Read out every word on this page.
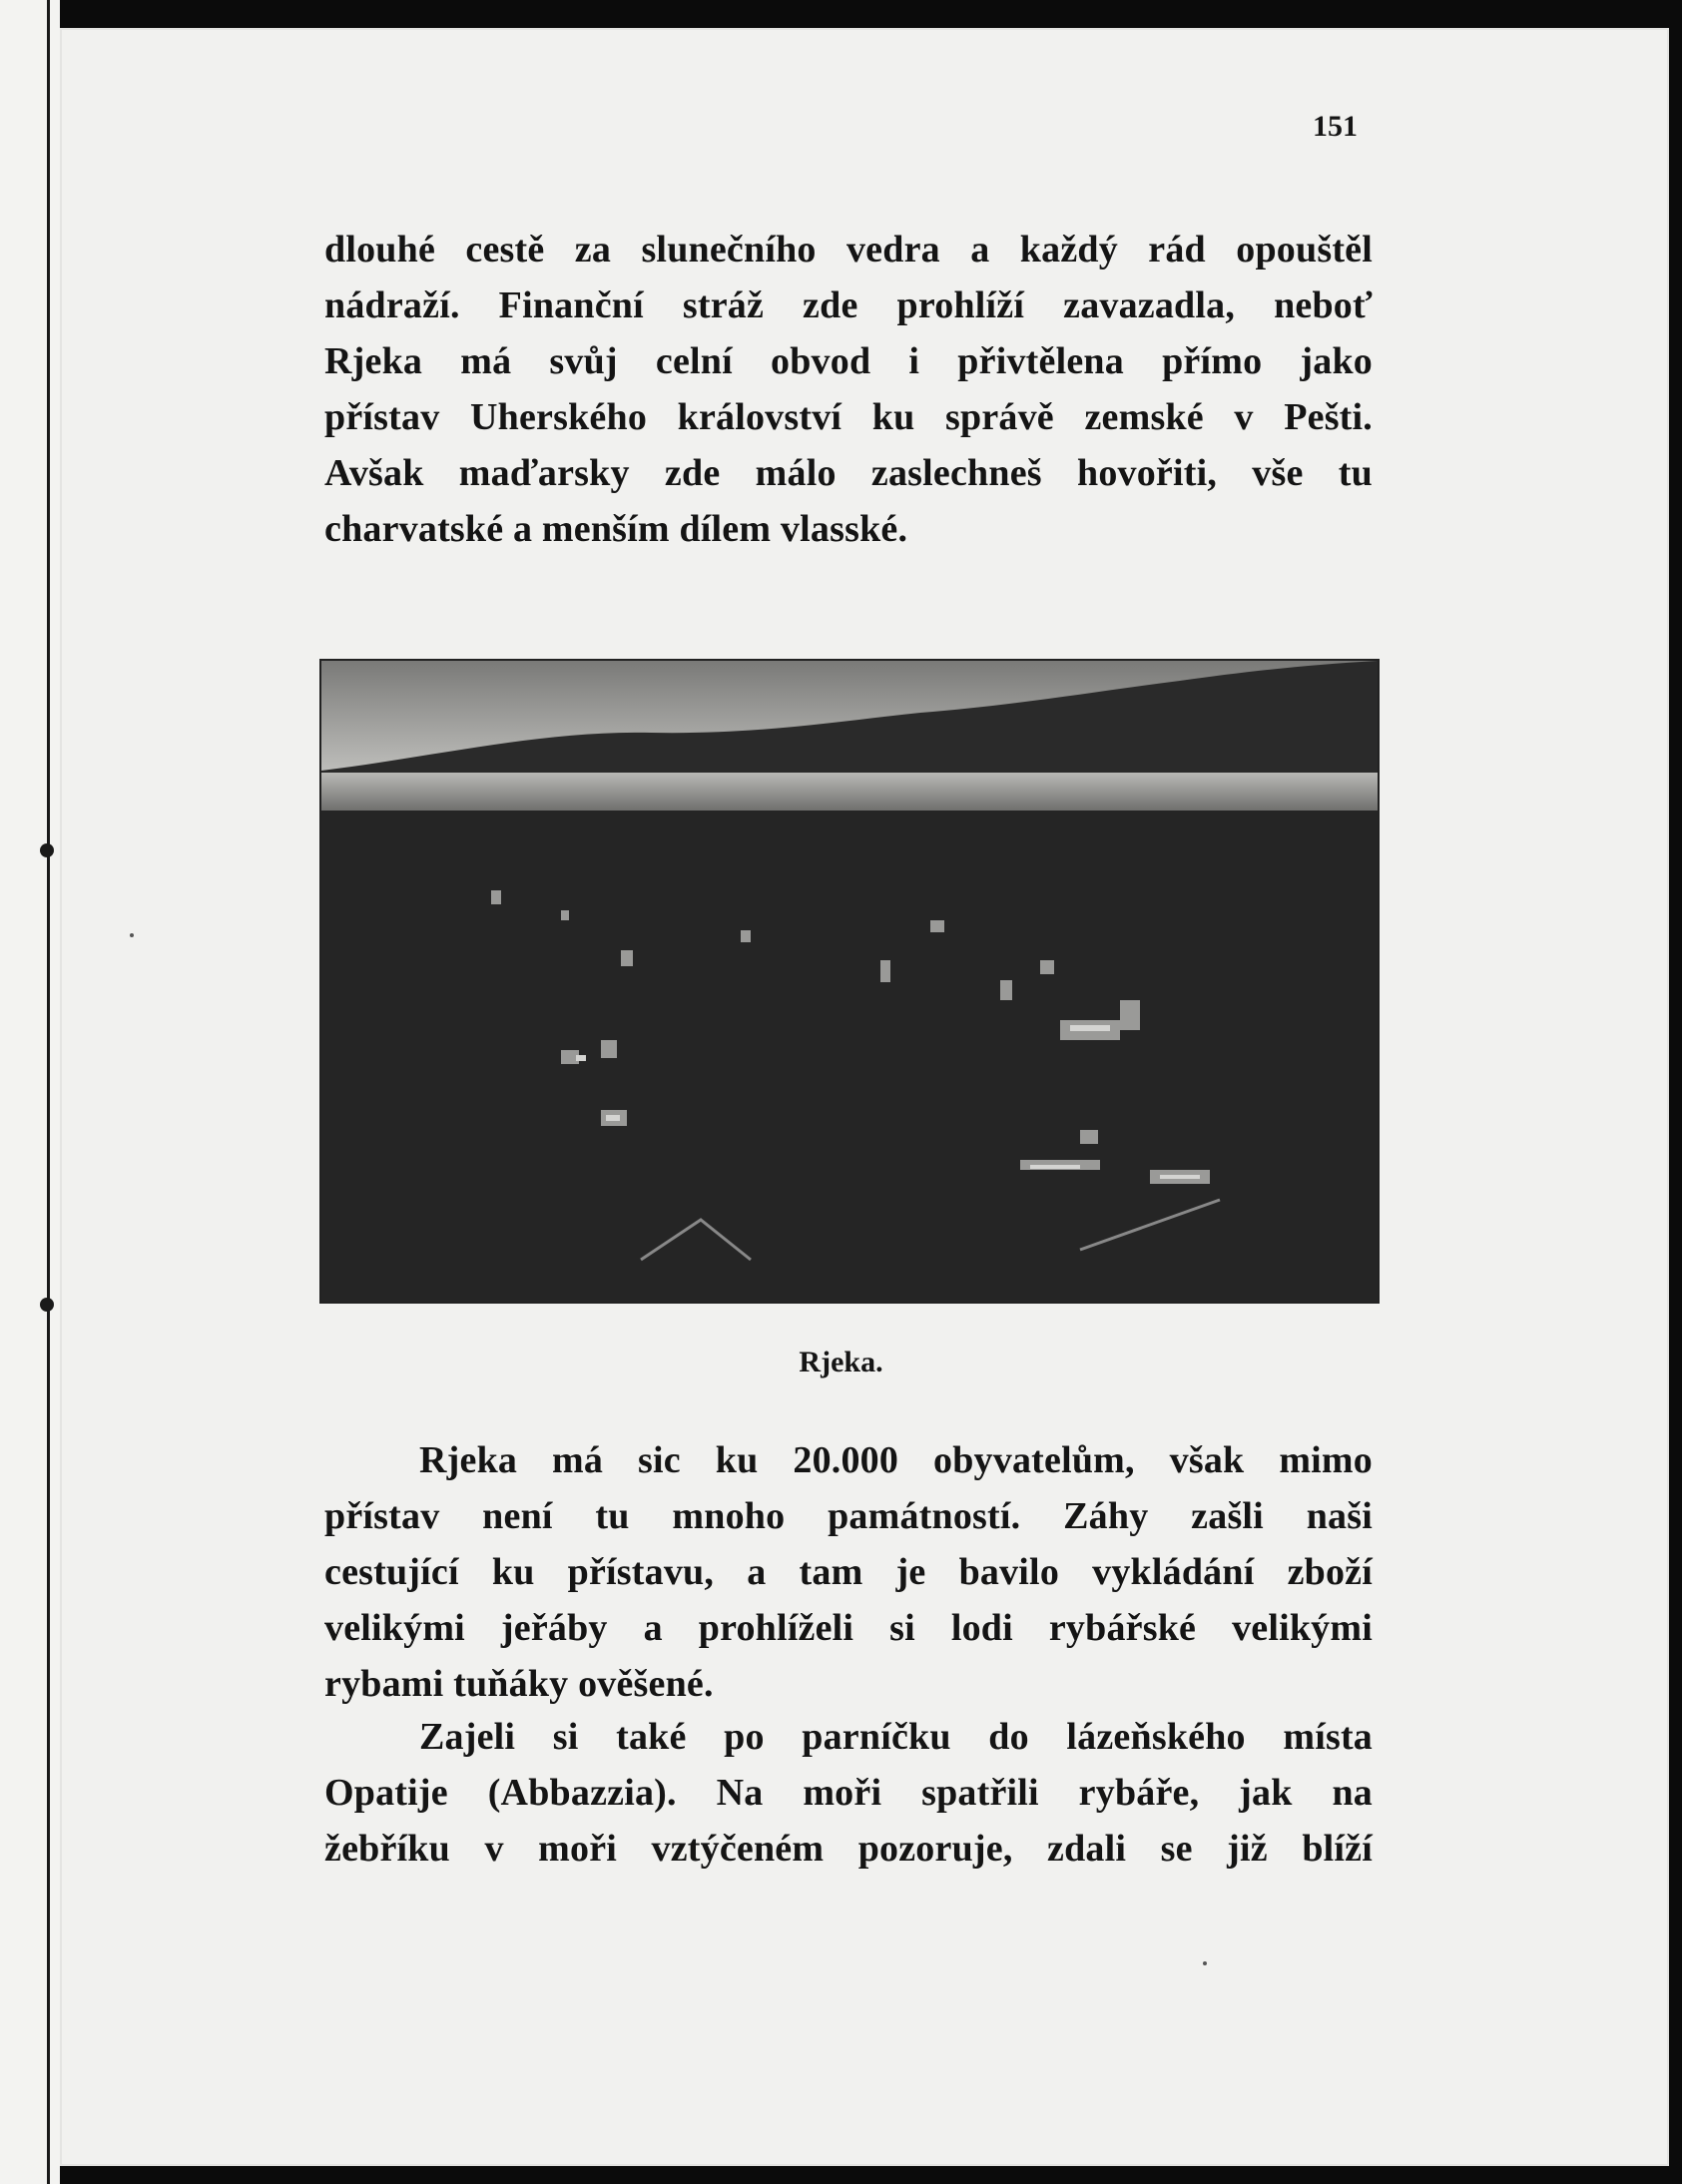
151
dlouhé cestě za slunečního vedra a každý rád opouštěl
nádraží. Finanční stráž zde prohlíží zavazadla, neboť
Rjeka má svůj celní obvod i přivtělena přímo jako
přístav Uherského království ku správě zemské v Pešti.
Avšak maďarsky zde málo zaslechneš hovořiti, vše tu
charvatské a menším dílem vlasské.
Rjeka.
Rjeka má sic ku 20.000 obyvatelům, však mimo
přístav není tu mnoho památností. Záhy zašli naši
cestující ku přístavu, a tam je bavilo vykládání zboží
velikými jeřáby a prohlíželi si lodi rybářské velikými
rybami tuňáky ověšené.
Zajeli si také po parníčku do lázeňského místa
Opatije (Abbazzia). Na moři spatřili rybáře, jak na
žebříku v moři vztýčeném pozoruje, zdali se již blíží
